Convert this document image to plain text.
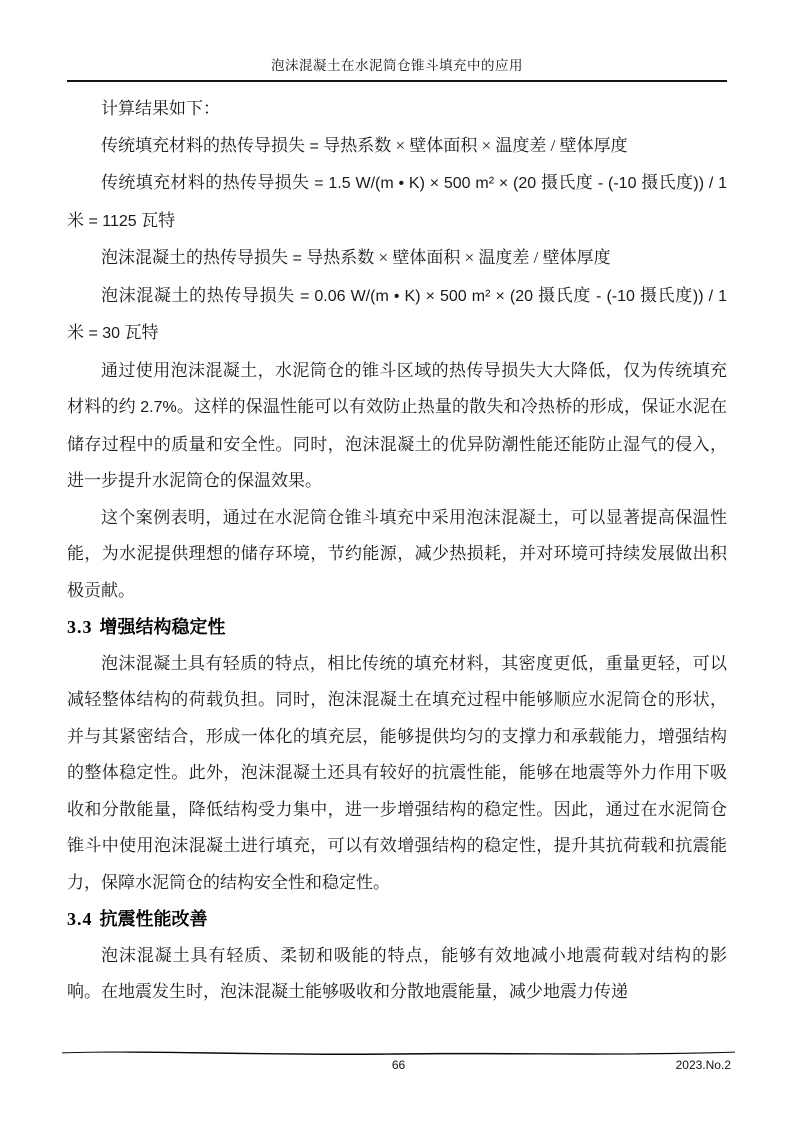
泡沫混凝土在水泥筒仓锥斗填充中的应用

计算结果如下：

传统填充材料的热传导损失 = 导热系数 × 壁体面积 × 温度差 / 壁体厚度

传统填充材料的热传导损失 = 1.5 W/(m • K) × 500 m² × (20 摄氏度 - (-10 摄氏度)) / 1 米 = 1125 瓦特

泡沫混凝土的热传导损失 = 导热系数 × 壁体面积 × 温度差 / 壁体厚度

泡沫混凝土的热传导损失 = 0.06 W/(m • K) × 500 m² × (20 摄氏度 - (-10 摄氏度)) / 1 米 = 30 瓦特

通过使用泡沫混凝土，水泥筒仓的锥斗区域的热传导损失大大降低，仅为传统填充材料的约 2.7%。这样的保温性能可以有效防止热量的散失和冷热桥的形成，保证水泥在储存过程中的质量和安全性。同时，泡沫混凝土的优异防潮性能还能防止湿气的侵入，进一步提升水泥筒仓的保温效果。

这个案例表明，通过在水泥筒仓锥斗填充中采用泡沫混凝土，可以显著提高保温性能，为水泥提供理想的储存环境，节约能源，减少热损耗，并对环境可持续发展做出积极贡献。

3.3 增强结构稳定性

泡沫混凝土具有轻质的特点，相比传统的填充材料，其密度更低，重量更轻，可以减轻整体结构的荷载负担。同时，泡沫混凝土在填充过程中能够顺应水泥筒仓的形状，并与其紧密结合，形成一体化的填充层，能够提供均匀的支撑力和承载能力，增强结构的整体稳定性。此外，泡沫混凝土还具有较好的抗震性能，能够在地震等外力作用下吸收和分散能量，降低结构受力集中，进一步增强结构的稳定性。因此，通过在水泥筒仓锥斗中使用泡沫混凝土进行填充，可以有效增强结构的稳定性，提升其抗荷载和抗震能力，保障水泥筒仓的结构安全性和稳定性。

3.4 抗震性能改善

泡沫混凝土具有轻质、柔韧和吸能的特点，能够有效地减小地震荷载对结构的影响。在地震发生时，泡沫混凝土能够吸收和分散地震能量，减少地震力传递

66	2023.No.2
